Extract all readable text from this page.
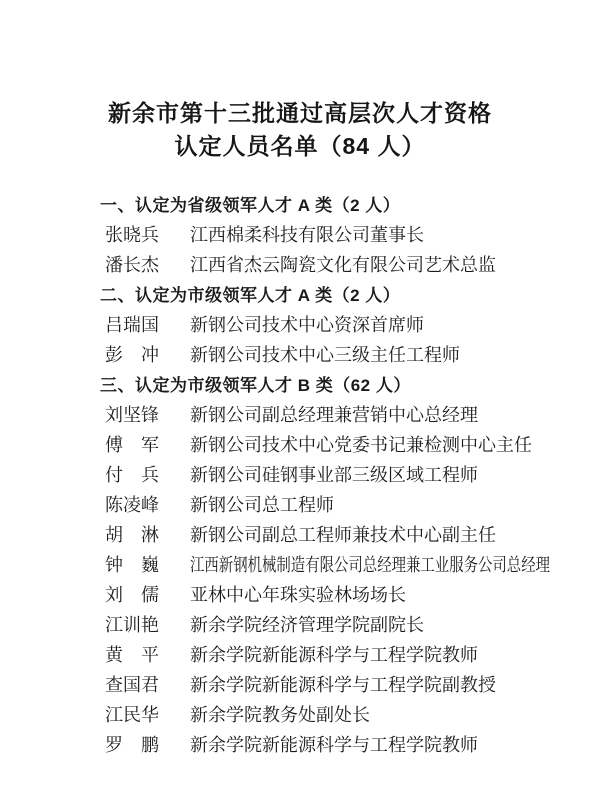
新余市第十三批通过高层次人才资格
认定人员名单（84 人）
一、认定为省级领军人才 A 类（2 人）
张晓兵 江西棉柔科技有限公司董事长
潘长杰 江西省杰云陶瓷文化有限公司艺术总监
二、认定为市级领军人才 A 类（2 人）
吕瑞国 新钢公司技术中心资深首席师
彭　冲 新钢公司技术中心三级主任工程师
三、认定为市级领军人才 B 类（62 人）
刘坚锋 新钢公司副总经理兼营销中心总经理
傅　军 新钢公司技术中心党委书记兼检测中心主任
付　兵 新钢公司硅钢事业部三级区域工程师
陈凌峰 新钢公司总工程师
胡　淋 新钢公司副总工程师兼技术中心副主任
钟　巍 江西新钢机械制造有限公司总经理兼工业服务公司总经理
刘　儒 亚林中心年珠实验林场场长
江训艳 新余学院经济管理学院副院长
黄　平 新余学院新能源科学与工程学院教师
查国君 新余学院新能源科学与工程学院副教授
江民华 新余学院教务处副处长
罗　鹏 新余学院新能源科学与工程学院教师
